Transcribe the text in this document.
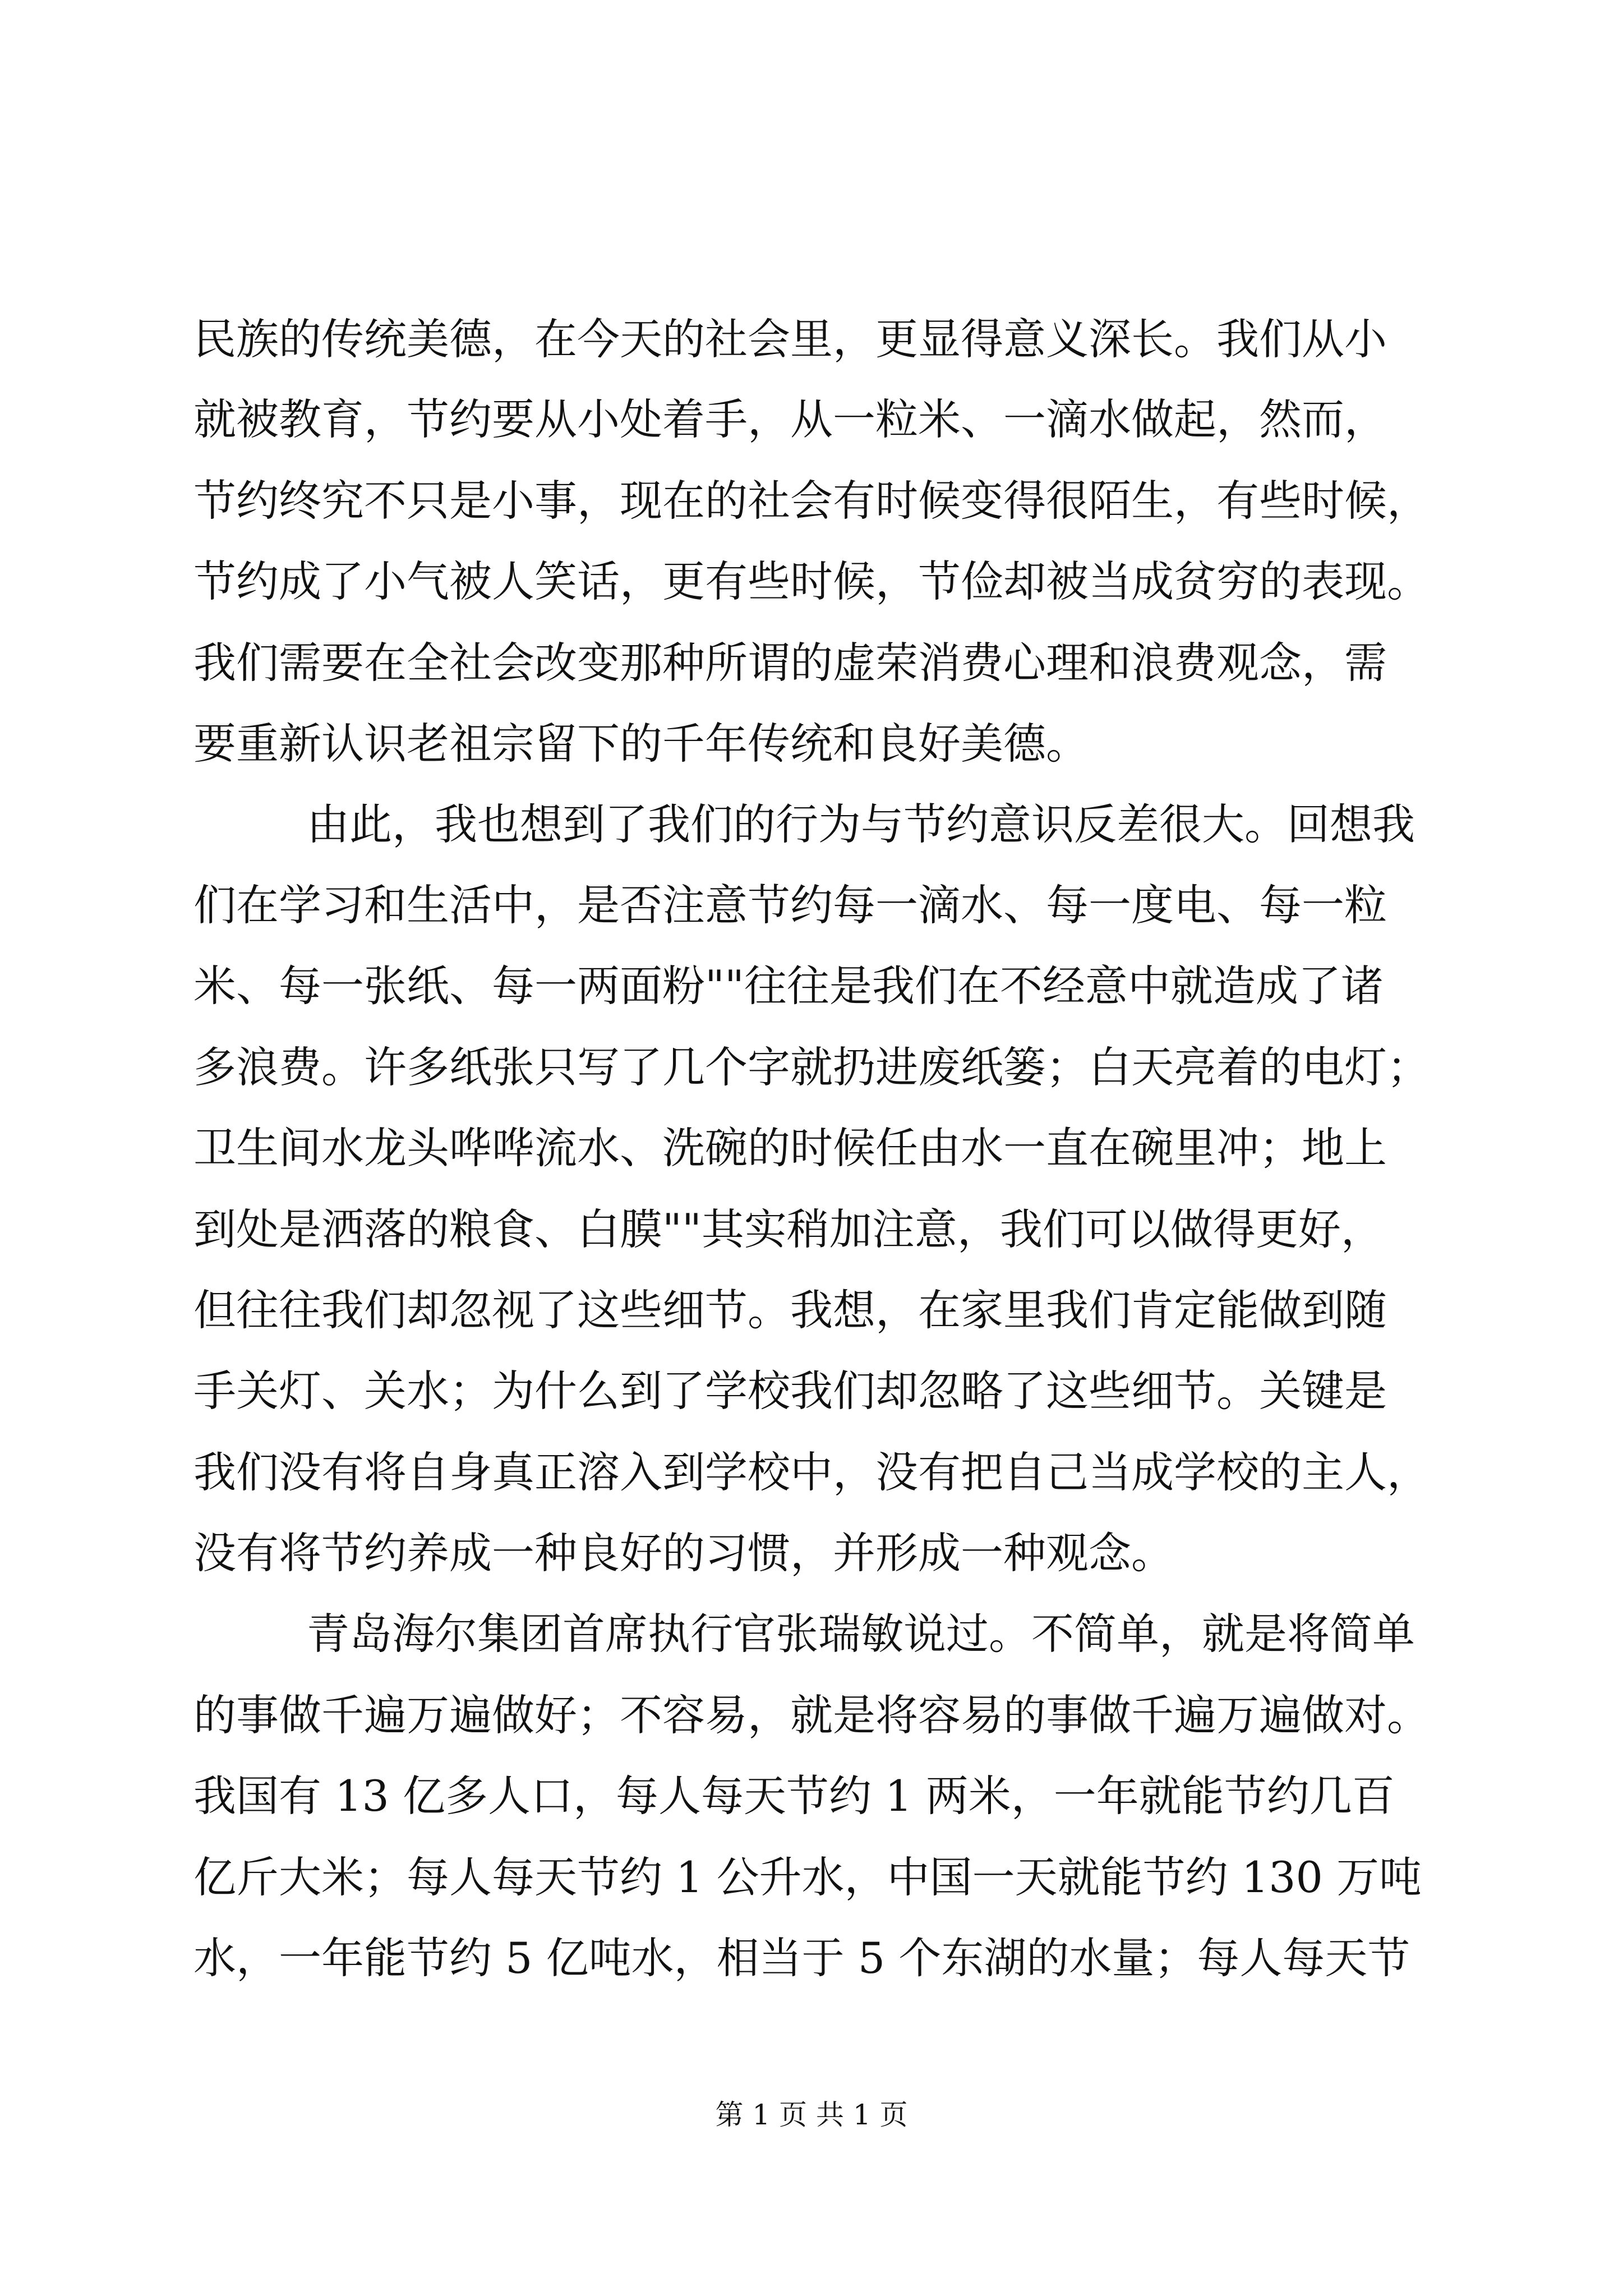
民族的传统美德，在今天的社会里，更显得意义深长。我们从小
就被教育，节约要从小处着手，从一粒米、一滴水做起，然而，
节约终究不只是小事，现在的社会有时候变得很陌生，有些时候，
节约成了小气被人笑话，更有些时候，节俭却被当成贫穷的表现。
我们需要在全社会改变那种所谓的虚荣消费心理和浪费观念，需
要重新认识老祖宗留下的千年传统和良好美德。
由此，我也想到了我们的行为与节约意识反差很大。回想我
们在学习和生活中，是否注意节约每一滴水、每一度电、每一粒
米、每一张纸、每一两面粉""往往是我们在不经意中就造成了诸
多浪费。许多纸张只写了几个字就扔进废纸篓；白天亮着的电灯；
卫生间水龙头哗哗流水、洗碗的时候任由水一直在碗里冲；地上
到处是洒落的粮食、白膜""其实稍加注意，我们可以做得更好，
但往往我们却忽视了这些细节。我想，在家里我们肯定能做到随
手关灯、关水；为什么到了学校我们却忽略了这些细节。关键是
我们没有将自身真正溶入到学校中，没有把自己当成学校的主人，
没有将节约养成一种良好的习惯，并形成一种观念。
青岛海尔集团首席执行官张瑞敏说过。不简单，就是将简单
的事做千遍万遍做好；不容易，就是将容易的事做千遍万遍做对。
我国有 13 亿多人口，每人每天节约 1 两米，一年就能节约几百
亿斤大米；每人每天节约 1 公升水，中国一天就能节约 130 万吨
水，一年能节约 5 亿吨水，相当于 5 个东湖的水量；每人每天节
第 1 页 共 1 页
